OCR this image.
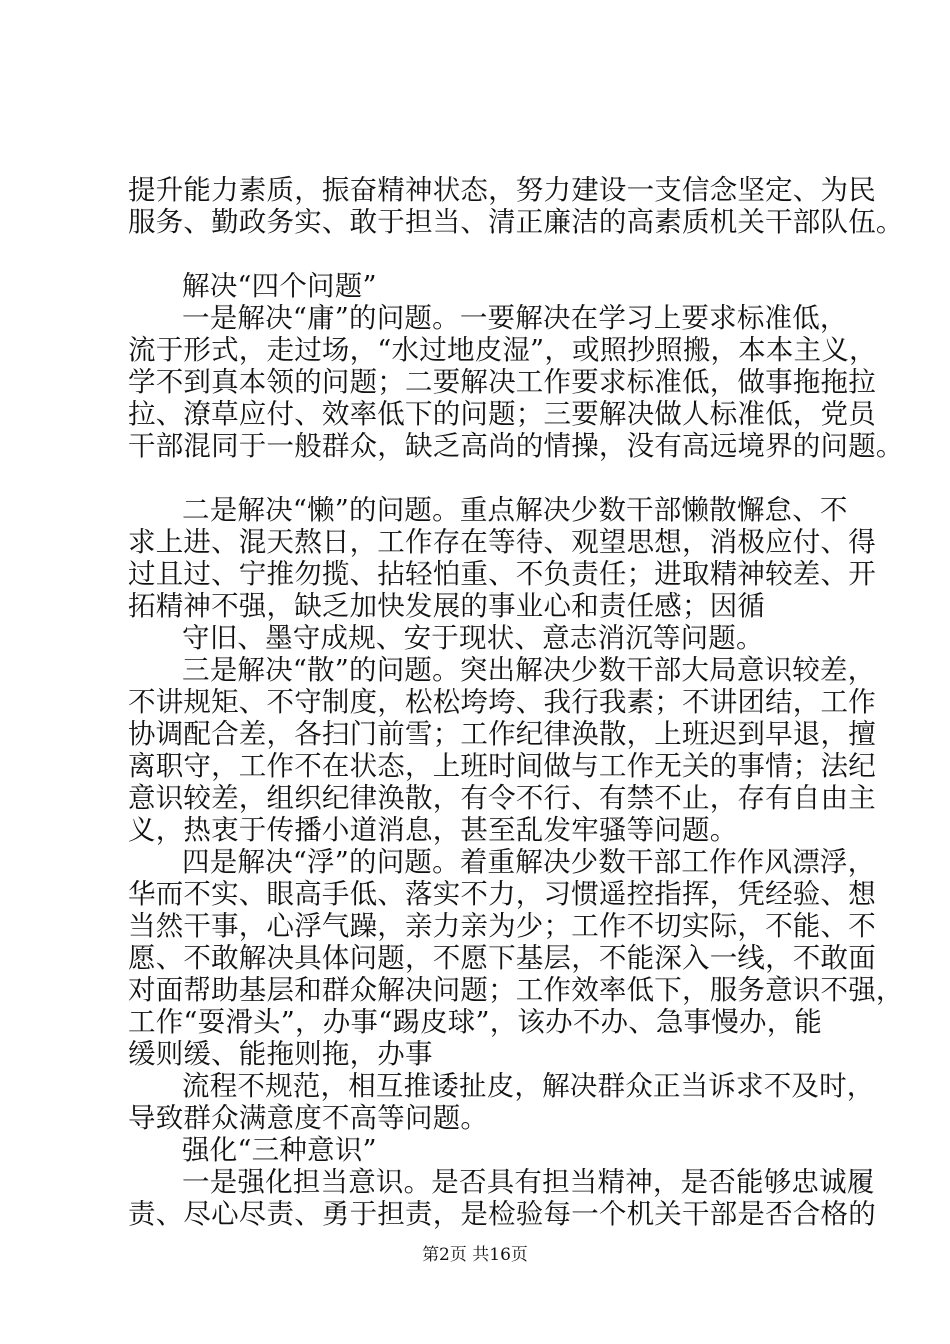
提升能力素质，振奋精神状态，努力建设一支信念坚定、为民
服务、勤政务实、敢于担当、清正廉洁的高素质机关干部队伍。
解决“四个问题”
一是解决“庸”的问题。一要解决在学习上要求标准低，
流于形式，走过场，“水过地皮湿”，或照抄照搬，本本主义，
学不到真本领的问题；二要解决工作要求标准低，做事拖拖拉
拉、潦草应付、效率低下的问题；三要解决做人标准低，党员
干部混同于一般群众，缺乏高尚的情操，没有高远境界的问题。
二是解决“懒”的问题。重点解决少数干部懒散懈怠、不
求上进、混天熬日，工作存在等待、观望思想，消极应付、得
过且过、宁推勿揽、拈轻怕重、不负责任；进取精神较差、开
拓精神不强，缺乏加快发展的事业心和责任感；因循
守旧、墨守成规、安于现状、意志消沉等问题。
三是解决“散”的问题。突出解决少数干部大局意识较差，
不讲规矩、不守制度，松松垮垮、我行我素；不讲团结，工作
协调配合差，各扫门前雪；工作纪律涣散，上班迟到早退，擅
离职守，工作不在状态，上班时间做与工作无关的事情；法纪
意识较差，组织纪律涣散，有令不行、有禁不止，存有自由主
义，热衷于传播小道消息，甚至乱发牢骚等问题。
四是解决“浮”的问题。着重解决少数干部工作作风漂浮，
华而不实、眼高手低、落实不力，习惯遥控指挥，凭经验、想
当然干事，心浮气躁，亲力亲为少；工作不切实际，不能、不
愿、不敢解决具体问题，不愿下基层，不能深入一线，不敢面
对面帮助基层和群众解决问题；工作效率低下，服务意识不强，
工作“耍滑头”，办事“踢皮球”，该办不办、急事慢办，能
缓则缓、能拖则拖，办事
流程不规范，相互推诿扯皮，解决群众正当诉求不及时，
导致群众满意度不高等问题。
强化“三种意识”
一是强化担当意识。是否具有担当精神，是否能够忠诚履
责、尽心尽责、勇于担责，是检验每一个机关干部是否合格的
第2页 共16页
